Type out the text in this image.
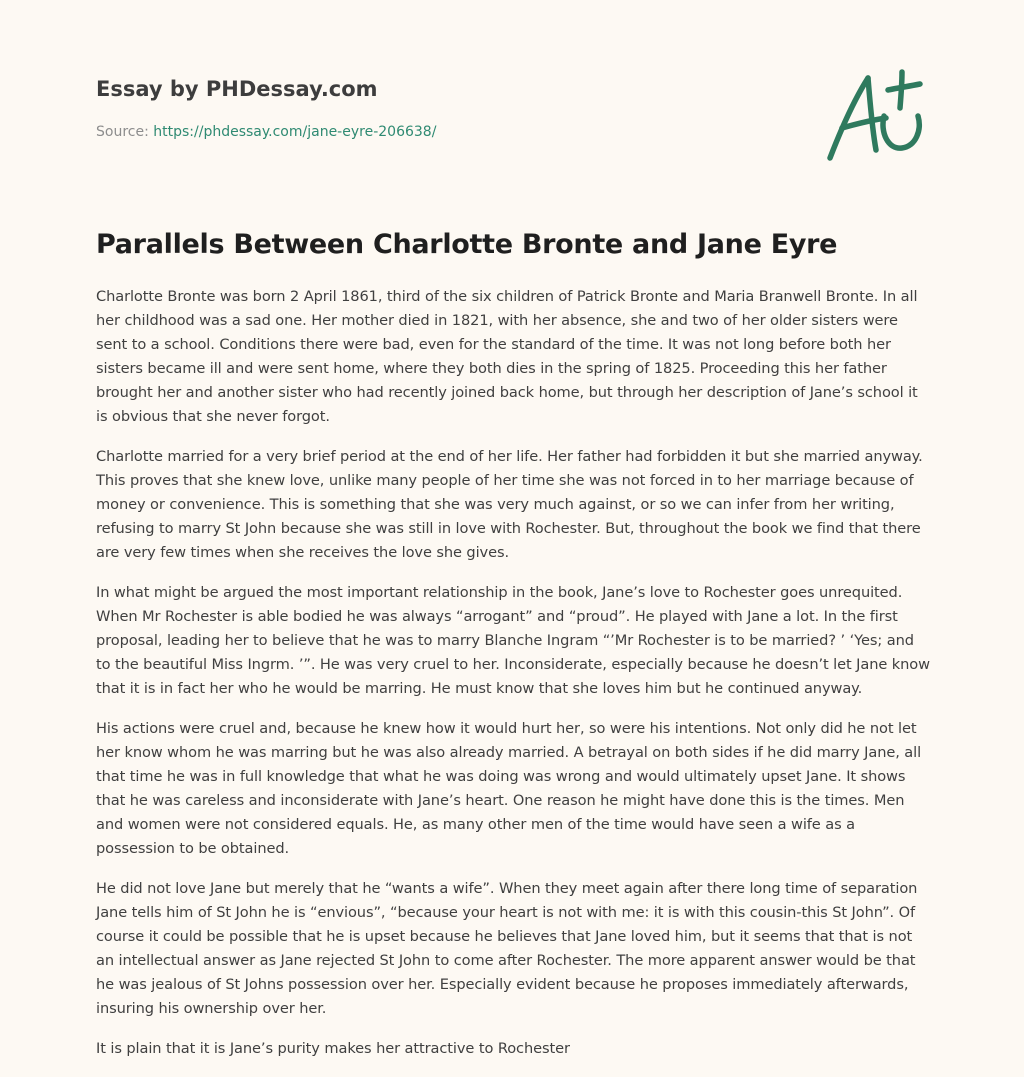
Essay by PHDessay.com
Source: https://phdessay.com/jane-eyre-206638/
Parallels Between Charlotte Bronte and Jane Eyre

Charlotte Bronte was born 2 April 1861, third of the six children of Patrick Bronte and Maria Branwell Bronte. In all her childhood was a sad one. Her mother died in 1821, with her absence, she and two of her older sisters were sent to a school. Conditions there were bad, even for the standard of the time. It was not long before both her sisters became ill and were sent home, where they both dies in the spring of 1825. Proceeding this her father brought her and another sister who had recently joined back home, but through her description of Jane’s school it is obvious that she never forgot.

Charlotte married for a very brief period at the end of her life. Her father had forbidden it but she married anyway. This proves that she knew love, unlike many people of her time she was not forced in to her marriage because of money or convenience. This is something that she was very much against, or so we can infer from her writing, refusing to marry St John because she was still in love with Rochester. But, throughout the book we find that there are very few times when she receives the love she gives.

In what might be argued the most important relationship in the book, Jane’s love to Rochester goes unrequited. When Mr Rochester is able bodied he was always “arrogant” and “proud”. He played with Jane a lot. In the first proposal, leading her to believe that he was to marry Blanche Ingram “’Mr Rochester is to be married? ’ ‘Yes; and to the beautiful Miss Ingrm. ’”. He was very cruel to her. Inconsiderate, especially because he doesn’t let Jane know that it is in fact her who he would be marring. He must know that she loves him but he continued anyway.

His actions were cruel and, because he knew how it would hurt her, so were his intentions. Not only did he not let her know whom he was marring but he was also already married. A betrayal on both sides if he did marry Jane, all that time he was in full knowledge that what he was doing was wrong and would ultimately upset Jane. It shows that he was careless and inconsiderate with Jane’s heart. One reason he might have done this is the times. Men and women were not considered equals. He, as many other men of the time would have seen a wife as a possession to be obtained.

He did not love Jane but merely that he “wants a wife”. When they meet again after there long time of separation Jane tells him of St John he is “envious”, “because your heart is not with me: it is with this cousin-this St John”. Of course it could be possible that he is upset because he believes that Jane loved him, but it seems that that is not an intellectual answer as Jane rejected St John to come after Rochester. The more apparent answer would be that he was jealous of St Johns possession over her. Especially evident because he proposes immediately afterwards, insuring his ownership over her.

It is plain that it is Jane’s purity makes her attractive to Rochester
